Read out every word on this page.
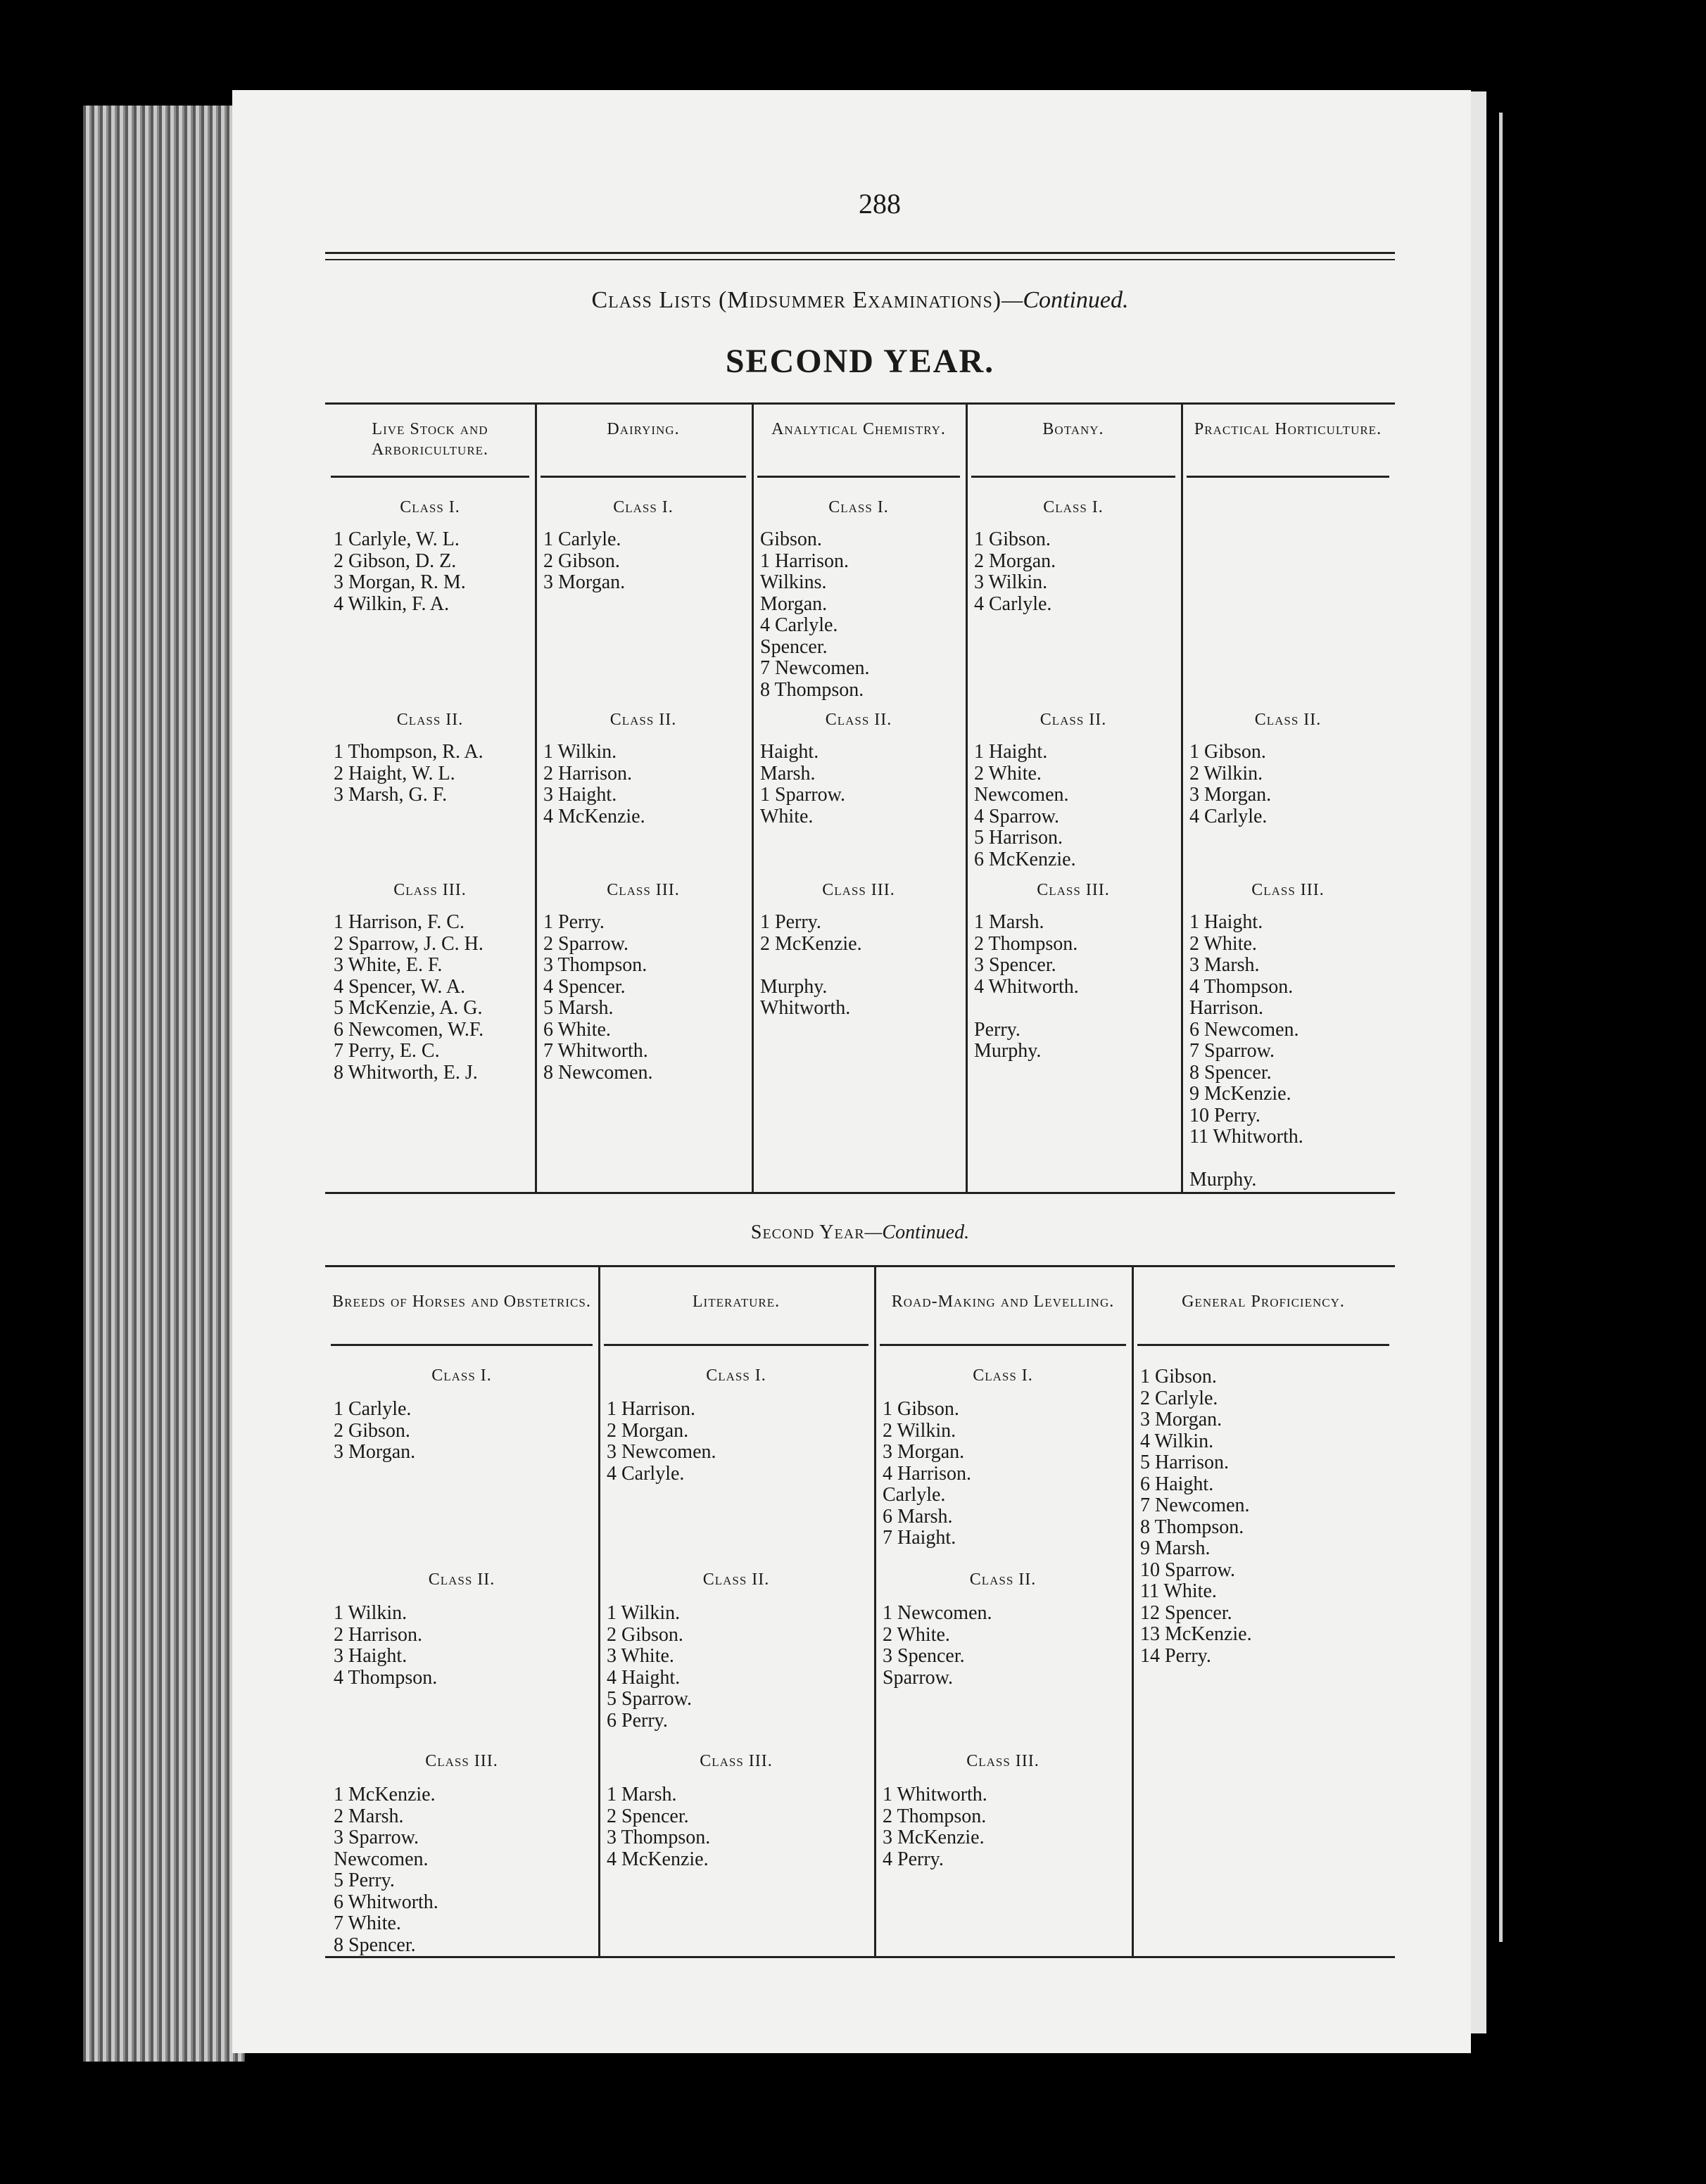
288
Class Lists (Midsummer Examinations)—Continued.
SECOND YEAR.
Live Stock and Arboriculture.
Class I.
1 Carlyle, W. L.
2 Gibson, D. Z.
3 Morgan, R. M.
4 Wilkin, F. A.
Class II.
1 Thompson, R. A.
2 Haight, W. L.
3 Marsh, G. F.
Class III.
1 Harrison, F. C.
2 Sparrow, J. C. H.
3 White, E. F.
4 Spencer, W. A.
5 McKenzie, A. G.
6 Newcomen, W.F.
7 Perry, E. C.
8 Whitworth, E. J.
Dairying.
Class I.
1 Carlyle.
2 Gibson.
3 Morgan.
Class II.
1 Wilkin.
2 Harrison.
3 Haight.
4 McKenzie.
Class III.
1 Perry.
2 Sparrow.
3 Thompson.
4 Spencer.
5 Marsh.
6 White.
7 Whitworth.
8 Newcomen.
Analytical Chemistry.
Class I.
Gibson.
1 Harrison.
Wilkins.
Morgan.
4 Carlyle.
Spencer.
7 Newcomen.
8 Thompson.
Class II.
Haight.
Marsh.
1 Sparrow.
White.
Class III.
1 Perry.
2 McKenzie.
Murphy.
Whitworth.
Botany.
Class I.
1 Gibson.
2 Morgan.
3 Wilkin.
4 Carlyle.
Class II.
1 Haight.
2 White.
Newcomen.
4 Sparrow.
5 Harrison.
6 McKenzie.
Class III.
1 Marsh.
2 Thompson.
3 Spencer.
4 Whitworth.
Perry.
Murphy.
Practical Horticulture.
Class II.
1 Gibson.
2 Wilkin.
3 Morgan.
4 Carlyle.
Class III.
1 Haight.
2 White.
3 Marsh.
4 Thompson.
Harrison.
6 Newcomen.
7 Sparrow.
8 Spencer.
9 McKenzie.
10 Perry.
11 Whitworth.
Murphy.
Second Year—Continued.
Breeds of Horses and Obstetrics.
Class I.
1 Carlyle.
2 Gibson.
3 Morgan.
Class II.
1 Wilkin.
2 Harrison.
3 Haight.
4 Thompson.
Class III.
1 McKenzie.
2 Marsh.
3 Sparrow.
Newcomen.
5 Perry.
6 Whitworth.
7 White.
8 Spencer.
Literature.
Class I.
1 Harrison.
2 Morgan.
3 Newcomen.
4 Carlyle.
Class II.
1 Wilkin.
2 Gibson.
3 White.
4 Haight.
5 Sparrow.
6 Perry.
Class III.
1 Marsh.
2 Spencer.
3 Thompson.
4 McKenzie.
Road-Making and Levelling.
Class I.
1 Gibson.
2 Wilkin.
3 Morgan.
4 Harrison.
Carlyle.
6 Marsh.
7 Haight.
Class II.
1 Newcomen.
2 White.
3 Spencer.
Sparrow.
Class III.
1 Whitworth.
2 Thompson.
3 McKenzie.
4 Perry.
General Proficiency.
1 Gibson.
2 Carlyle.
3 Morgan.
4 Wilkin.
5 Harrison.
6 Haight.
7 Newcomen.
8 Thompson.
9 Marsh.
10 Sparrow.
11 White.
12 Spencer.
13 McKenzie.
14 Perry.
